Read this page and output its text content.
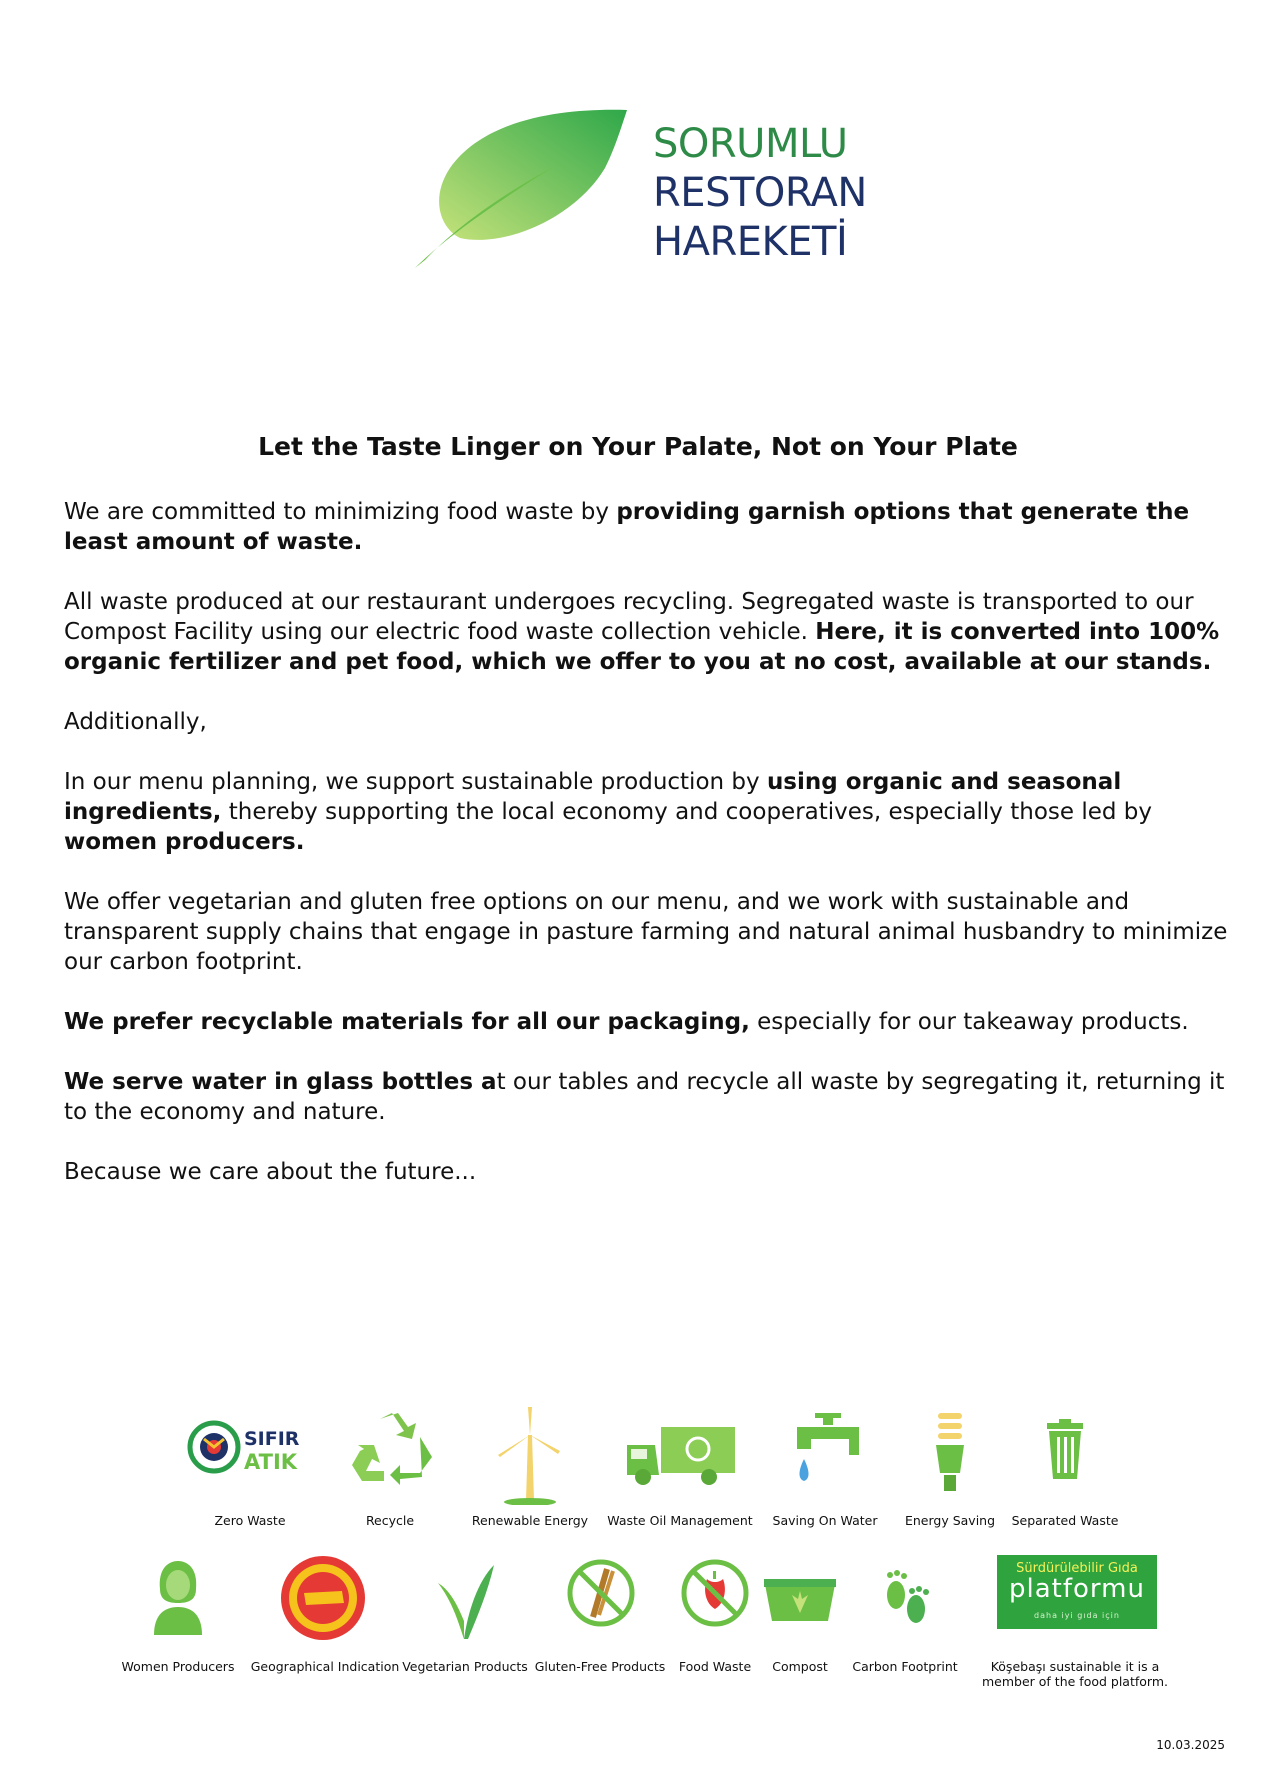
SORUMLU
RESTORAN
HAREKETİ
Let the Taste Linger on Your Palate, Not on Your Plate

We are committed to minimizing food waste by providing garnish options that generate the least amount of waste.

All waste produced at our restaurant undergoes recycling. Segregated waste is transported to our Compost Facility using our electric food waste collection vehicle. Here, it is converted into 100% organic fertilizer and pet food, which we offer to you at no cost, available at our stands.

Additionally,

In our menu planning, we support sustainable production by using organic and seasonal ingredients, thereby supporting the local economy and cooperatives, especially those led by women producers.

We offer vegetarian and gluten free options on our menu, and we work with sustainable and transparent supply chains that engage in pasture farming and natural animal husbandry to minimize our carbon footprint.

We prefer recyclable materials for all our packaging, especially for our takeaway products.

We serve water in glass bottles at our tables and recycle all waste by segregating it, returning it to the economy and nature.

Because we care about the future...

SIFIR
ATIK
Zero Waste	Recycle	Renewable Energy Waste Oil Management Saving On Water Energy Saving Separated Waste
Women Producers Geographical Indication Vegetarian Products Gluten-Free Products Food Waste Compost Carbon Footprint
Sürdürülebilir Gıda
platformu
daha iyi gıda için
Köşebaşı sustainable it is a
member of the food platform.
10.03.2025
